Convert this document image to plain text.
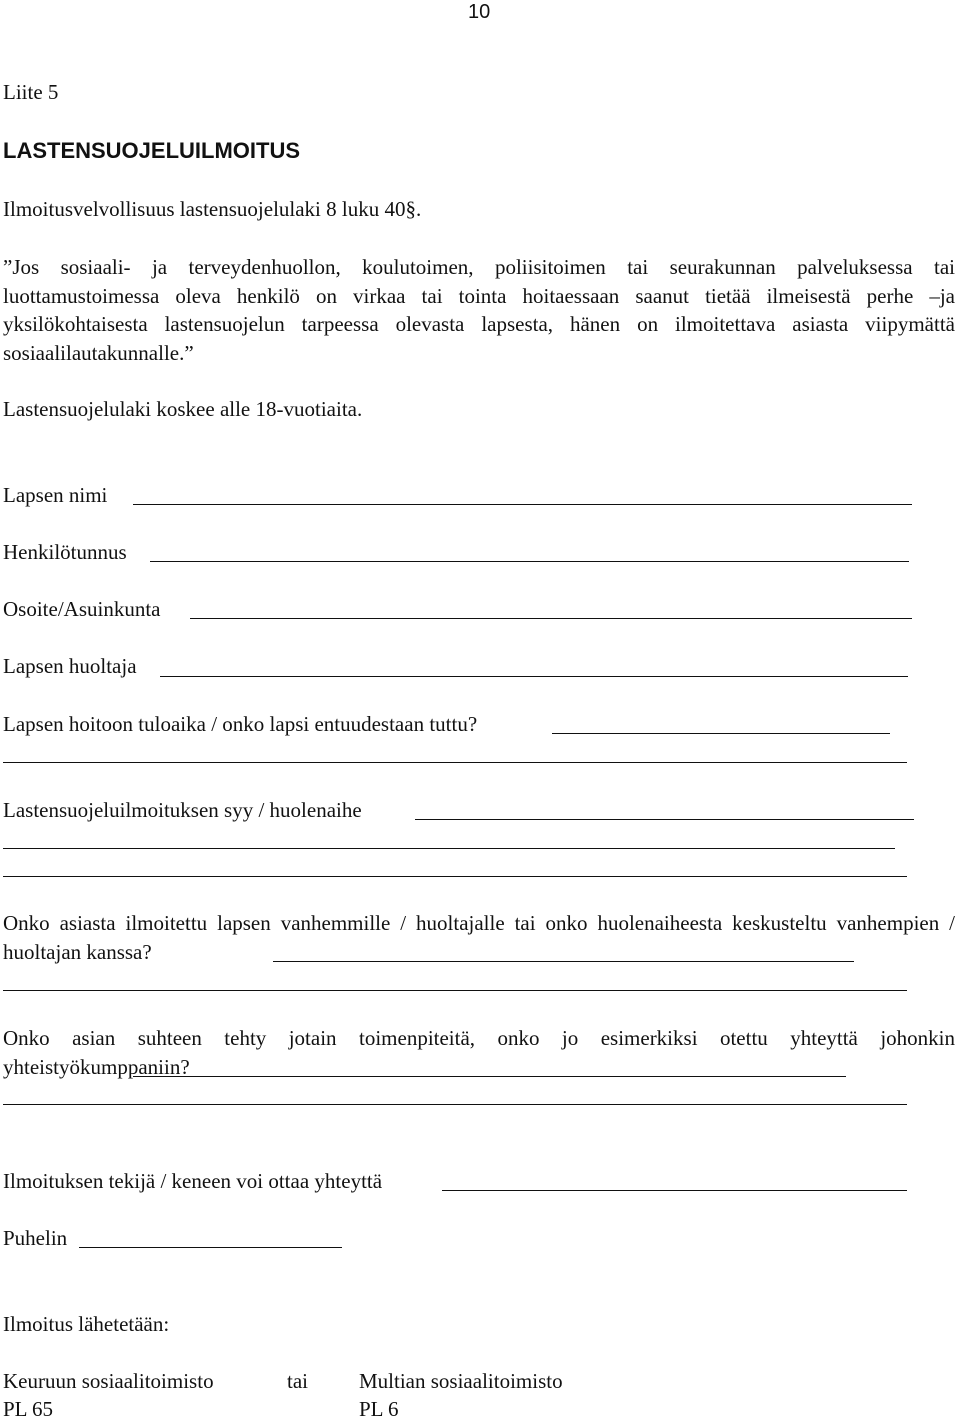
10
Liite 5
LASTENSUOJELUILMOITUS
Ilmoitusvelvollisuus lastensuojelulaki 8 luku 40§.
”Jos sosiaali- ja terveydenhuollon, koulutoimen, poliisitoimen tai seurakunnan palveluksessa tai luottamustoimessa oleva henkilö on virkaa tai tointa hoitaessaan saanut tietää ilmeisestä perhe –ja yksilökohtaisesta lastensuojelun tarpeessa olevasta lapsesta, hänen on ilmoitettava asiasta viipymättä sosiaalilautakunnalle.”
Lastensuojelulaki koskee alle 18-vuotiaita.
Lapsen nimi
Henkilötunnus
Osoite/Asuinkunta
Lapsen huoltaja
Lapsen hoitoon tuloaika / onko lapsi entuudestaan tuttu?
Lastensuojeluilmoituksen syy / huolenaihe
Onko asiasta ilmoitettu lapsen vanhemmille / huoltajalle tai onko huolenaiheesta keskusteltu vanhempien / huoltajan kanssa?
Onko asian suhteen tehty jotain toimenpiteitä, onko jo esimerkiksi otettu yhteyttä johonkin yhteistyökumppaniin?
Ilmoituksen tekijä / keneen voi ottaa yhteyttä
Puhelin
Ilmoitus lähetetään:
Keuruun sosiaalitoimisto	tai Multian sosiaalitoimisto
PL 65	PL 6
